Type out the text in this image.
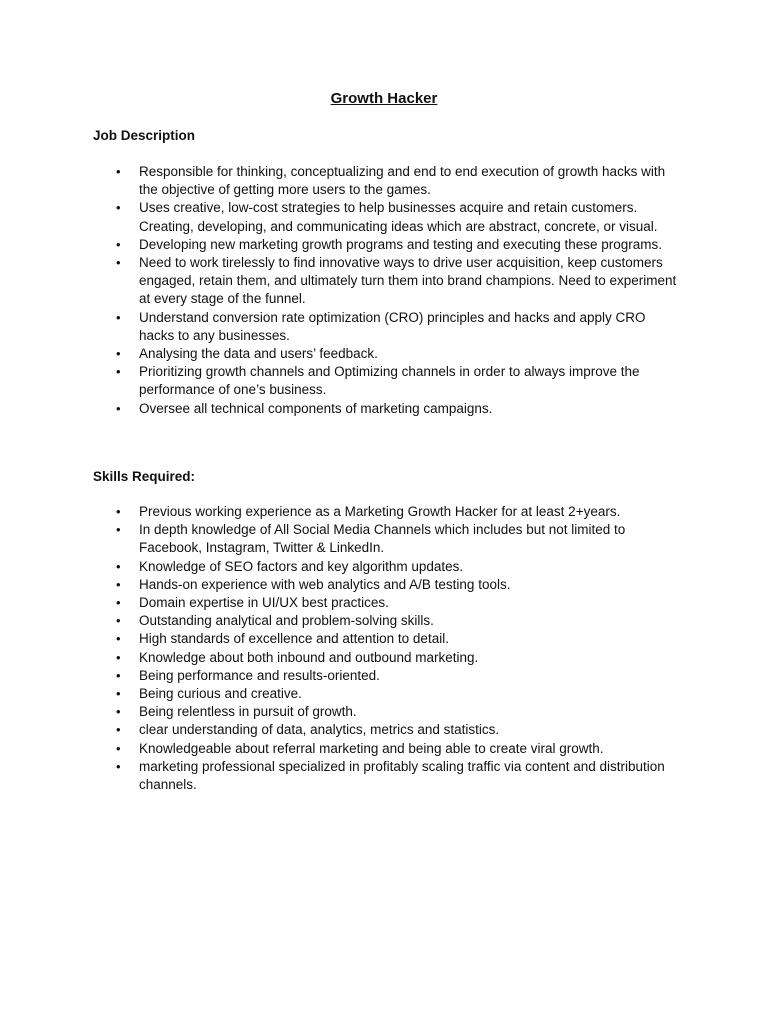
Growth Hacker
Job Description
• Responsible for thinking, conceptualizing and end to end execution of growth hacks with the objective of getting more users to the games.
• Uses creative, low-cost strategies to help businesses acquire and retain customers. Creating, developing, and communicating ideas which are abstract, concrete, or visual.
• Developing new marketing growth programs and testing and executing these programs.
• Need to work tirelessly to find innovative ways to drive user acquisition, keep customers engaged, retain them, and ultimately turn them into brand champions. Need to experiment at every stage of the funnel.
• Understand conversion rate optimization (CRO) principles and hacks and apply CRO hacks to any businesses.
• Analysing the data and users’ feedback.
• Prioritizing growth channels and Optimizing channels in order to always improve the performance of one’s business.
• Oversee all technical components of marketing campaigns.
Skills Required:
• Previous working experience as a Marketing Growth Hacker for at least 2+years.
• In depth knowledge of All Social Media Channels which includes but not limited to Facebook, Instagram, Twitter & LinkedIn.
• Knowledge of SEO factors and key algorithm updates.
• Hands-on experience with web analytics and A/B testing tools.
• Domain expertise in UI/UX best practices.
• Outstanding analytical and problem-solving skills.
• High standards of excellence and attention to detail.
• Knowledge about both inbound and outbound marketing.
• Being performance and results-oriented.
• Being curious and creative.
• Being relentless in pursuit of growth.
• clear understanding of data, analytics, metrics and statistics.
• Knowledgeable about referral marketing and being able to create viral growth.
• marketing professional specialized in profitably scaling traffic via content and distribution channels.
